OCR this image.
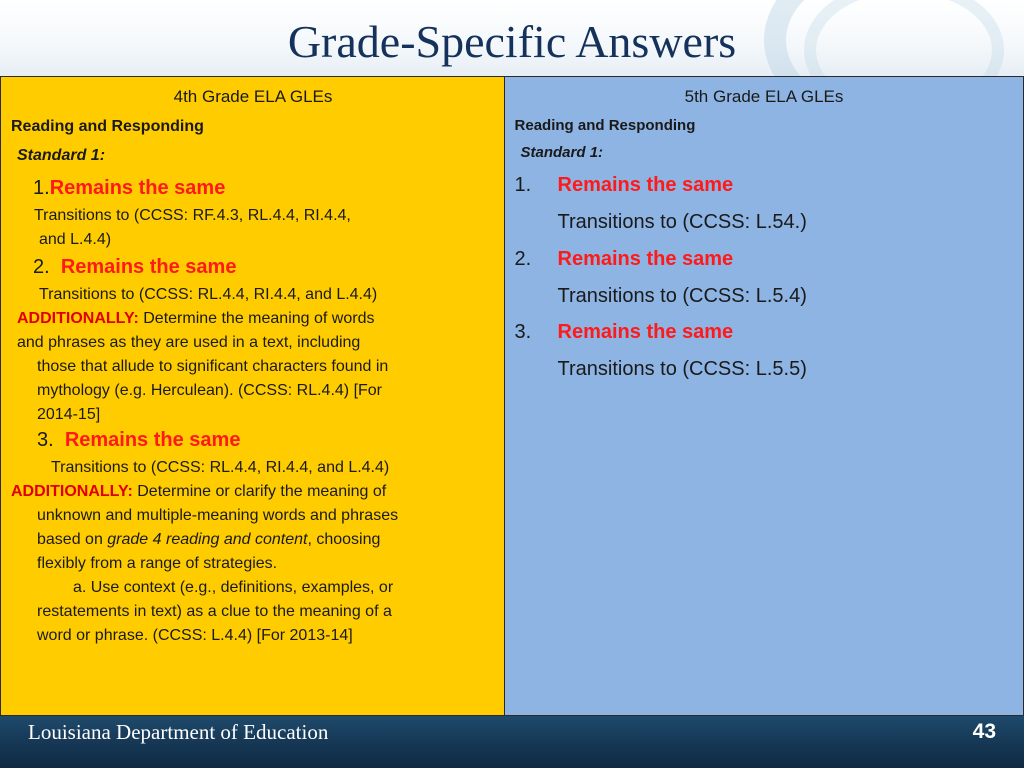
Grade-Specific Answers
4th Grade ELA GLEs
Reading and Responding
Standard 1:
1.Remains the same
Transitions to (CCSS: RF.4.3, RL.4.4, RI.4.4,
and L.4.4)
2. Remains the same
Transitions to (CCSS: RL.4.4, RI.4.4, and L.4.4)
ADDITIONALLY: Determine the meaning of words
and phrases as they are used in a text, including
those that allude to significant characters found in
mythology (e.g. Herculean). (CCSS: RL.4.4) [For
2014-15]
3. Remains the same
Transitions to (CCSS: RL.4.4, RI.4.4, and L.4.4)
ADDITIONALLY: Determine or clarify the meaning of
unknown and multiple-meaning words and phrases
based on grade 4 reading and content, choosing
flexibly from a range of strategies.
a. Use context (e.g., definitions, examples, or
restatements in text) as a clue to the meaning of a
word or phrase. (CCSS: L.4.4) [For 2013-14]
5th Grade ELA GLEs
Reading and Responding
Standard 1:
1. Remains the same
Transitions to (CCSS: L.54.)
2. Remains the same
Transitions to (CCSS: L.5.4)
3. Remains the same
Transitions to (CCSS: L.5.5)
Louisiana Department of Education	43
